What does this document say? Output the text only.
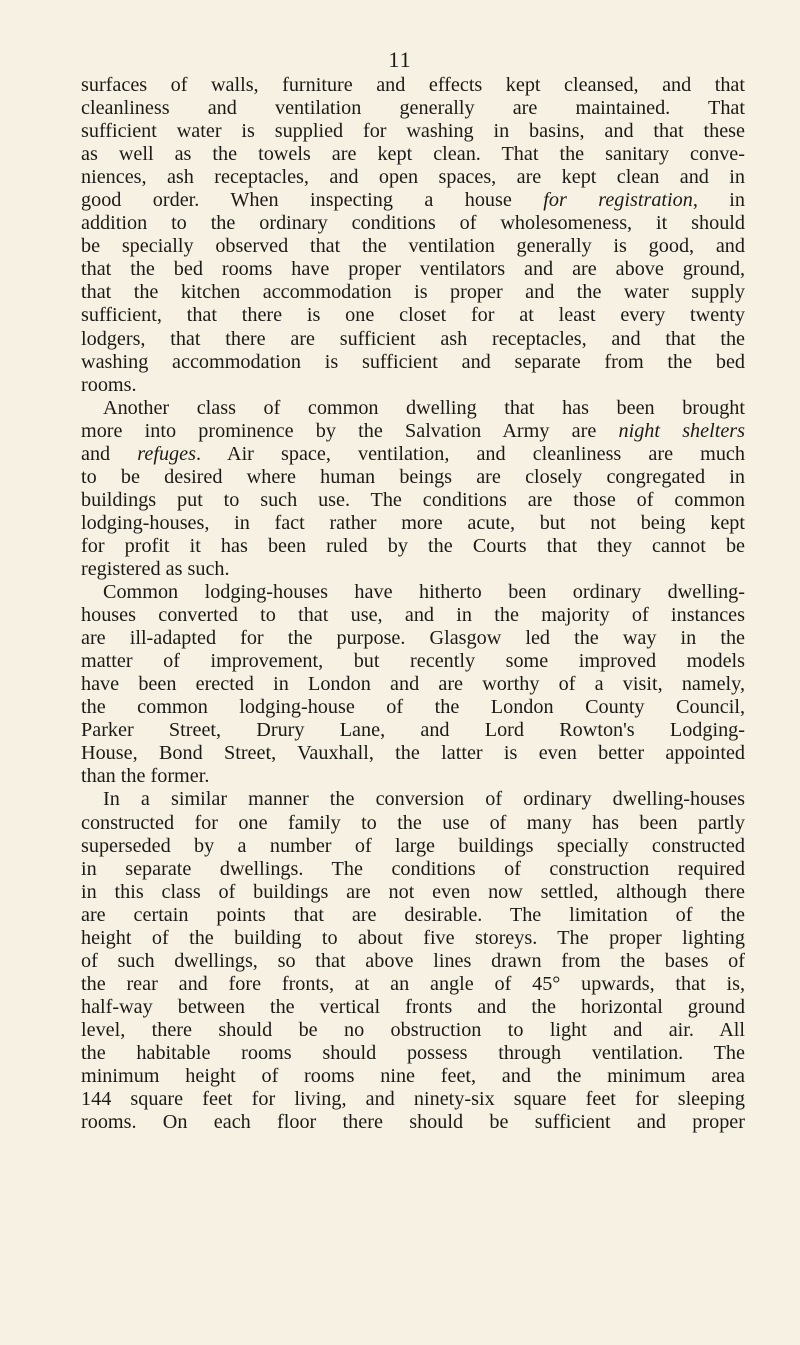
11

surfaces of walls, furniture and effects kept cleansed, and that
cleanliness and ventilation generally are maintained. That
sufficient water is supplied for washing in basins, and that these
as well as the towels are kept clean. That the sanitary conve-
niences, ash receptacles, and open spaces, are kept clean and in
good order. When inspecting a house for registration, in
addition to the ordinary conditions of wholesomeness, it should
be specially observed that the ventilation generally is good, and
that the bed rooms have proper ventilators and are above ground,
that the kitchen accommodation is proper and the water supply
sufficient, that there is one closet for at least every twenty
lodgers, that there are sufficient ash receptacles, and that the
washing accommodation is sufficient and separate from the bed
rooms.

Another class of common dwelling that has been brought
more into prominence by the Salvation Army are night shelters
and refuges. Air space, ventilation, and cleanliness are much
to be desired where human beings are closely congregated in
buildings put to such use. The conditions are those of common
lodging-houses, in fact rather more acute, but not being kept
for profit it has been ruled by the Courts that they cannot be
registered as such.

Common lodging-houses have hitherto been ordinary dwelling-
houses converted to that use, and in the majority of instances
are ill-adapted for the purpose. Glasgow led the way in the
matter of improvement, but recently some improved models
have been erected in London and are worthy of a visit, namely,
the common lodging-house of the London County Council,
Parker Street, Drury Lane, and Lord Rowton's Lodging-
House, Bond Street, Vauxhall, the latter is even better appointed
than the former.

In a similar manner the conversion of ordinary dwelling-houses
constructed for one family to the use of many has been partly
superseded by a number of large buildings specially constructed
in separate dwellings. The conditions of construction required
in this class of buildings are not even now settled, although there
are certain points that are desirable. The limitation of the
height of the building to about five storeys. The proper lighting
of such dwellings, so that above lines drawn from the bases of
the rear and fore fronts, at an angle of 45° upwards, that is,
half-way between the vertical fronts and the horizontal ground
level, there should be no obstruction to light and air. All
the habitable rooms should possess through ventilation. The
minimum height of rooms nine feet, and the minimum area
144 square feet for living, and ninety-six square feet for sleeping
rooms. On each floor there should be sufficient and proper
